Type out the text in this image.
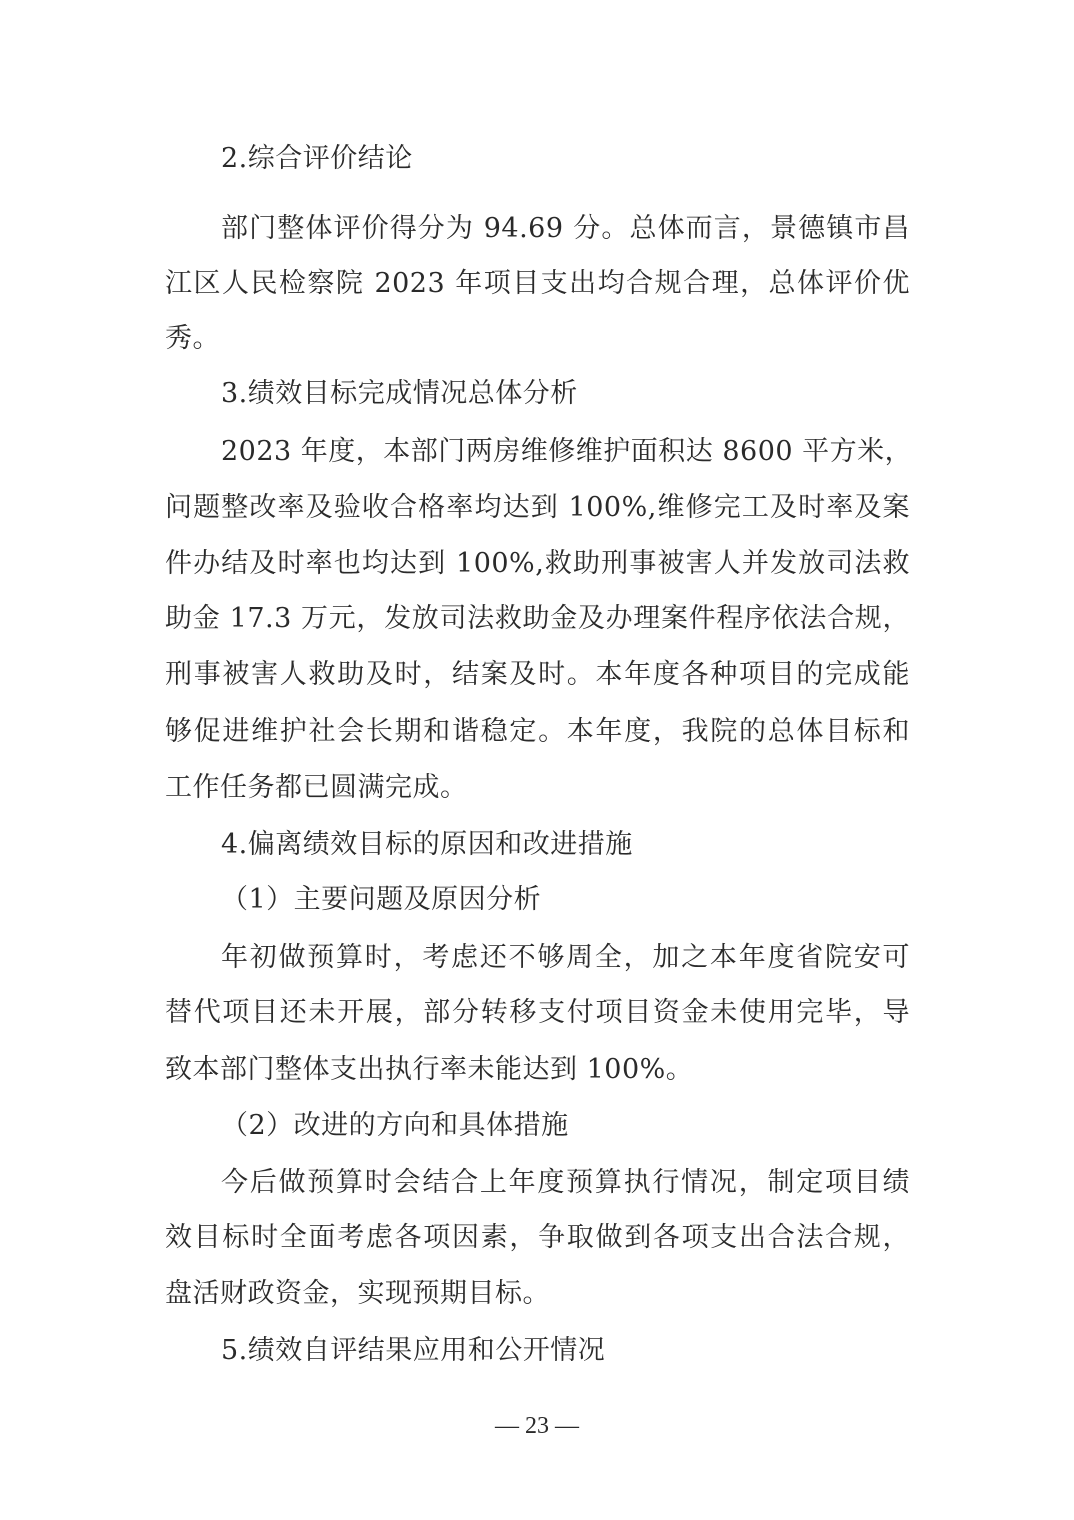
2.综合评价结论
部门整体评价得分为 94.69 分。总体而言，景德镇市昌
江区人民检察院 2023 年项目支出均合规合理，总体评价优
秀。
3.绩效目标完成情况总体分析
2023 年度，本部门两房维修维护面积达 8600 平方米，
问题整改率及验收合格率均达到 100%,维修完工及时率及案
件办结及时率也均达到 100%,救助刑事被害人并发放司法救
助金 17.3 万元，发放司法救助金及办理案件程序依法合规，
刑事被害人救助及时，结案及时。本年度各种项目的完成能
够促进维护社会长期和谐稳定。本年度，我院的总体目标和
工作任务都已圆满完成。
4.偏离绩效目标的原因和改进措施
（1）主要问题及原因分析
年初做预算时，考虑还不够周全，加之本年度省院安可
替代项目还未开展，部分转移支付项目资金未使用完毕，导
致本部门整体支出执行率未能达到 100%。
（2）改进的方向和具体措施
今后做预算时会结合上年度预算执行情况，制定项目绩
效目标时全面考虑各项因素，争取做到各项支出合法合规，
盘活财政资金，实现预期目标。
5.绩效自评结果应用和公开情况
— 23 —
